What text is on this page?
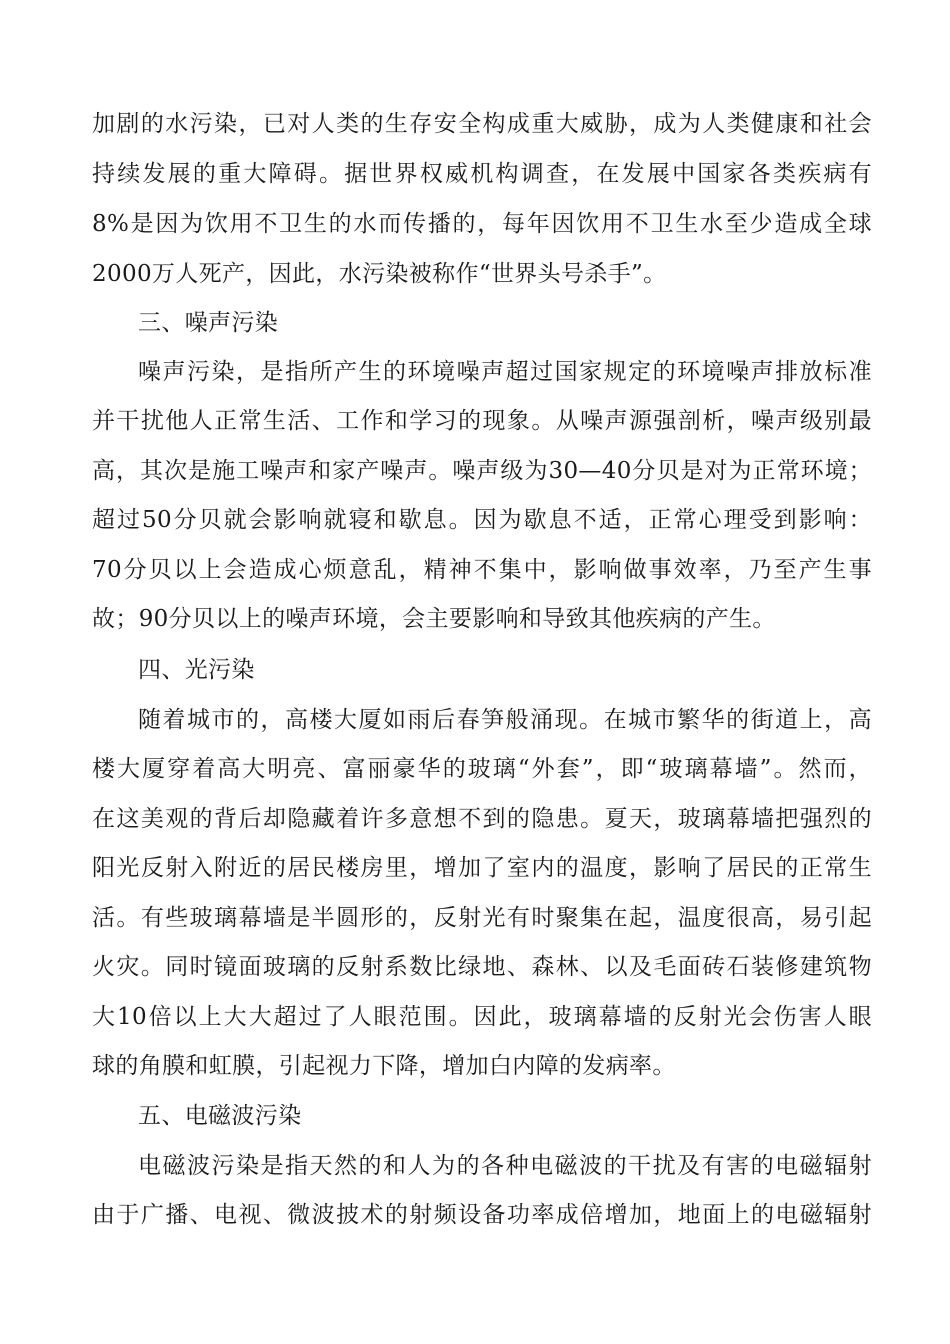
加剧的水污染，已对人类的生存安全构成重大威胁，成为人类健康和社会
持续发展的重大障碍。据世界权威机构调查，在发展中国家各类疾病有
8%是因为饮用不卫生的水而传播的，每年因饮用不卫生水至少造成全球
2000万人死产，因此，水污染被称作“世界头号杀手”。
三、噪声污染
噪声污染，是指所产生的环境噪声超过国家规定的环境噪声排放标准
并干扰他人正常生活、工作和学习的现象。从噪声源强剖析，噪声级别最
高，其次是施工噪声和家产噪声。噪声级为30—40分贝是对为正常环境；
超过50分贝就会影响就寝和歇息。因为歇息不适，正常心理受到影响：
70分贝以上会造成心烦意乱，精神不集中，影响做事效率，乃至产生事
故；90分贝以上的噪声环境，会主要影响和导致其他疾病的产生。
四、光污染
随着城市的，高楼大厦如雨后春笋般涌现。在城市繁华的街道上，高
楼大厦穿着高大明亮、富丽豪华的玻璃“外套”，即“玻璃幕墙”。然而，
在这美观的背后却隐藏着许多意想不到的隐患。夏天，玻璃幕墙把强烈的
阳光反射入附近的居民楼房里，增加了室内的温度，影响了居民的正常生
活。有些玻璃幕墙是半圆形的，反射光有时聚集在起，温度很高，易引起
火灾。同时镜面玻璃的反射系数比绿地、森林、以及毛面砖石装修建筑物
大10倍以上大大超过了人眼范围。因此，玻璃幕墙的反射光会伤害人眼
球的角膜和虹膜，引起视力下降，增加白内障的发病率。
五、电磁波污染
电磁波污染是指天然的和人为的各种电磁波的干扰及有害的电磁辐射
由于广播、电视、微波披术的射频设备功率成倍增加，地面上的电磁辐射
